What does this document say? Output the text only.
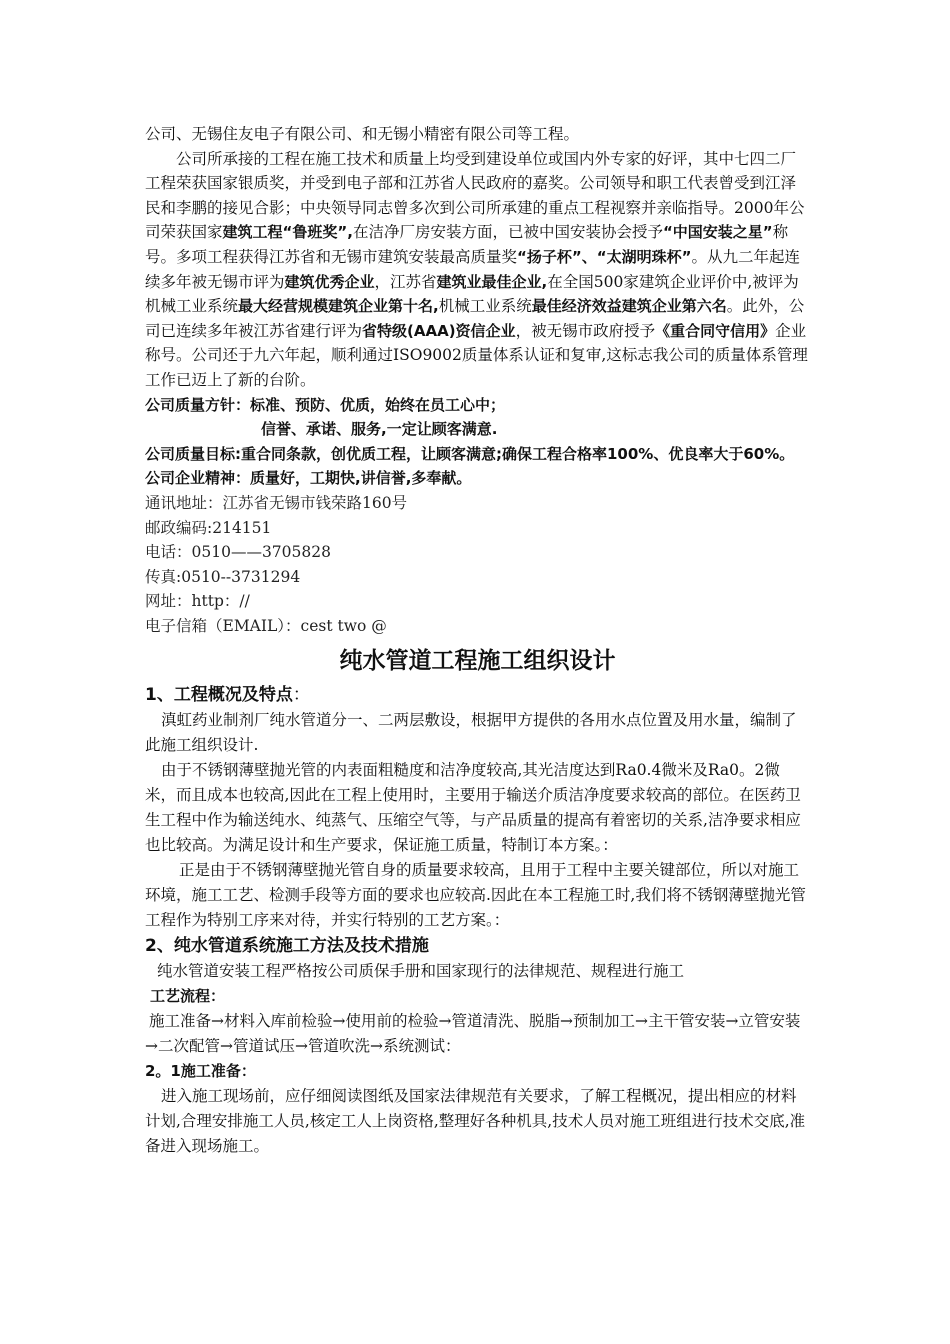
公司、无锡住友电子有限公司、和无锡小精密有限公司等工程。

公司所承接的工程在施工技术和质量上均受到建设单位或国内外专家的好评，其中七四二厂工程荣获国家银质奖，并受到电子部和江苏省人民政府的嘉奖。公司领导和职工代表曾受到江泽民和李鹏的接见合影；中央领导同志曾多次到公司所承建的重点工程视察并亲临指导。2000年公司荣获国家建筑工程“鲁班奖”,在洁净厂房安装方面，已被中国安装协会授予“中国安装之星”称号。多项工程获得江苏省和无锡市建筑安装最高质量奖“扬子杯”、“太湖明珠杯”。从九二年起连续多年被无锡市评为建筑优秀企业，江苏省建筑业最佳企业,在全国500家建筑企业评价中,被评为机械工业系统最大经营规模建筑企业第十名,机械工业系统最佳经济效益建筑企业第六名。此外，公司已连续多年被江苏省建行评为省特级(AAA)资信企业，被无锡市政府授予《重合同守信用》企业称号。公司还于九六年起，顺利通过ISO9002质量体系认证和复审,这标志我公司的质量体系管理工作已迈上了新的台阶。

公司质量方针：标准、预防、优质，始终在员工心中；

信誉、承诺、服务,一定让顾客满意.

公司质量目标:重合同条款，创优质工程，让顾客满意;确保工程合格率100%、优良率大于60%。

公司企业精神：质量好，工期快,讲信誉,多奉献。

通讯地址：江苏省无锡市钱荣路160号

邮政编码:214151

电话：0510——3705828

传真:0510--3731294

网址：http：//

电子信箱（EMAIL）：cest two @

纯水管道工程施工组织设计
1、工程概况及特点：

滇虹药业制剂厂纯水管道分一、二两层敷设，根据甲方提供的各用水点位置及用水量，编制了此施工组织设计.

由于不锈钢薄壁抛光管的内表面粗糙度和洁净度较高,其光洁度达到Ra0.4微米及Ra0。2微米，而且成本也较高,因此在工程上使用时，主要用于输送介质洁净度要求较高的部位。在医药卫生工程中作为输送纯水、纯蒸气、压缩空气等，与产品质量的提高有着密切的关系,洁净要求相应也比较高。为满足设计和生产要求，保证施工质量，特制订本方案。：

正是由于不锈钢薄壁抛光管自身的质量要求较高，且用于工程中主要关键部位，所以对施工环境，施工工艺、检测手段等方面的要求也应较高.因此在本工程施工时,我们将不锈钢薄壁抛光管工程作为特别工序来对待，并实行特别的工艺方案。：

2、纯水管道系统施工方法及技术措施

纯水管道安装工程严格按公司质保手册和国家现行的法律规范、规程进行施工

工艺流程：

施工准备→材料入库前检验→使用前的检验→管道清洗、脱脂→预制加工→主干管安装→立管安装→二次配管→管道试压→管道吹洗→系统测试：

2。1施工准备：

进入施工现场前，应仔细阅读图纸及国家法律规范有关要求，了解工程概况，提出相应的材料计划,合理安排施工人员,核定工人上岗资格,整理好各种机具,技术人员对施工班组进行技术交底,准备进入现场施工。
